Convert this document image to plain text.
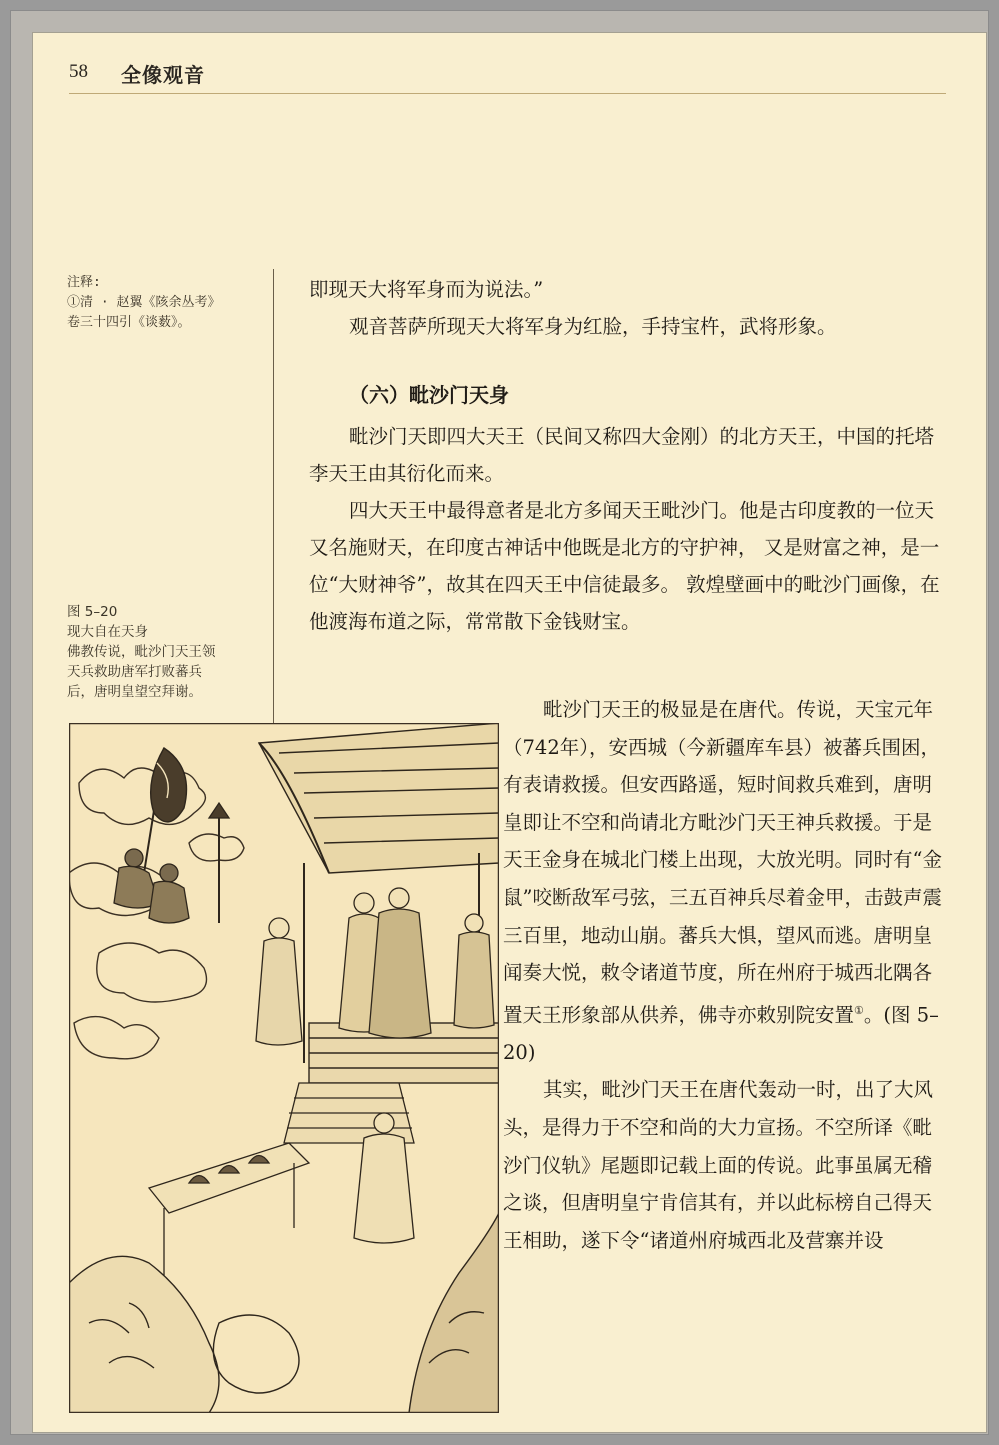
58 全像观音
注释:
①清 · 赵翼《陔余丛考》
卷三十四引《谈薮》。
图 5–20
现大自在天身
佛教传说，毗沙门天王领
天兵救助唐军打败蕃兵
后，唐明皇望空拜谢。

即现天大将军身而为说法。”

观音菩萨所现天大将军身为红脸，手持宝杵，武将形象。

（六）毗沙门天身

毗沙门天即四大天王（民间又称四大金刚）的北方天王，中国的托塔李天王由其衍化而来。

四大天王中最得意者是北方多闻天王毗沙门。他是古印度教的一位天又名施财天，在印度古神话中他既是北方的守护神， 又是财富之神，是一位“大财神爷”，故其在四天王中信徒最多。 敦煌壁画中的毗沙门画像，在他渡海布道之际，常常散下金钱财宝。

毗沙门天王的极显是在唐代。传说，天宝元年（742年），安西城（今新疆库车县）被蕃兵围困，有表请救援。但安西路遥，短时间救兵难到，唐明皇即让不空和尚请北方毗沙门天王神兵救援。于是天王金身在城北门楼上出现，大放光明。同时有“金鼠”咬断敌军弓弦，三五百神兵尽着金甲，击鼓声震三百里，地动山崩。蕃兵大惧，望风而逃。唐明皇闻奏大悦，敕令诸道节度，所在州府于城西北隅各置天王形象部从供养，佛寺亦敕别院安置①。(图 5–20)

其实，毗沙门天王在唐代轰动一时，出了大风头，是得力于不空和尚的大力宣扬。不空所译《毗沙门仪轨》尾题即记载上面的传说。此事虽属无稽之谈，但唐明皇宁肯信其有，并以此标榜自己得天王相助，遂下令“诸道州府城西北及营寨并设
